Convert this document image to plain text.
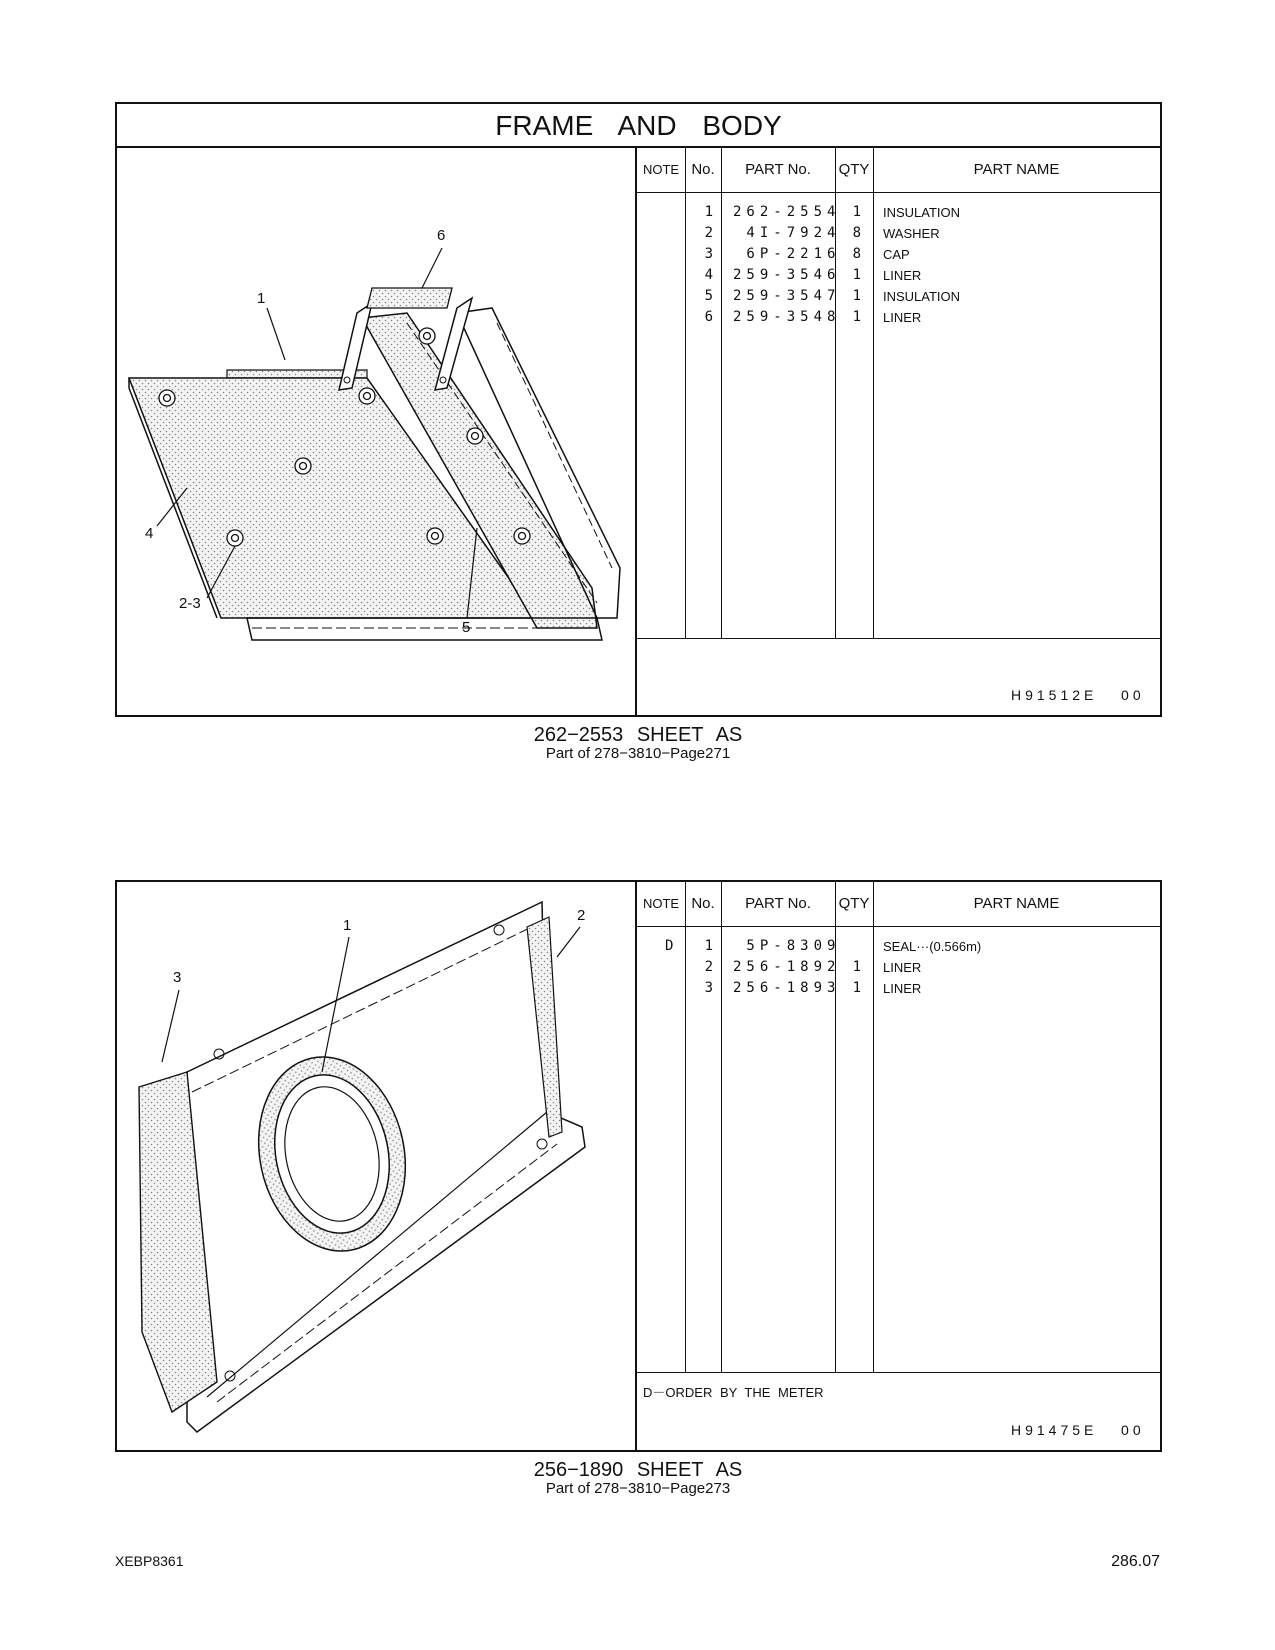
FRAME AND BODY
1
6
4
2-3
5
NOTE No.	PART No.	QTY	PART NAME
1 262-2554 1 INSULATION
2 4I-7924 8 WASHER
3 6P-2216 8 CAP
4 259-3546 1 LINER
5 259-3547 1 INSULATION
6 259-3548 1 LINER
H91512E   00
262−2553 SHEET AS
Part of 278−3810−Page271
1
2
3
NOTE No.	PART No.	QTY	PART NAME
D	1 5P-8309	SEAL···(0.566m)
2 256-1892 1 LINER
3 256-1893 1 LINER
D－ORDER BY THE METER
H91475E   00
256−1890 SHEET AS
Part of 278−3810−Page273
XEBP8361	286.07
